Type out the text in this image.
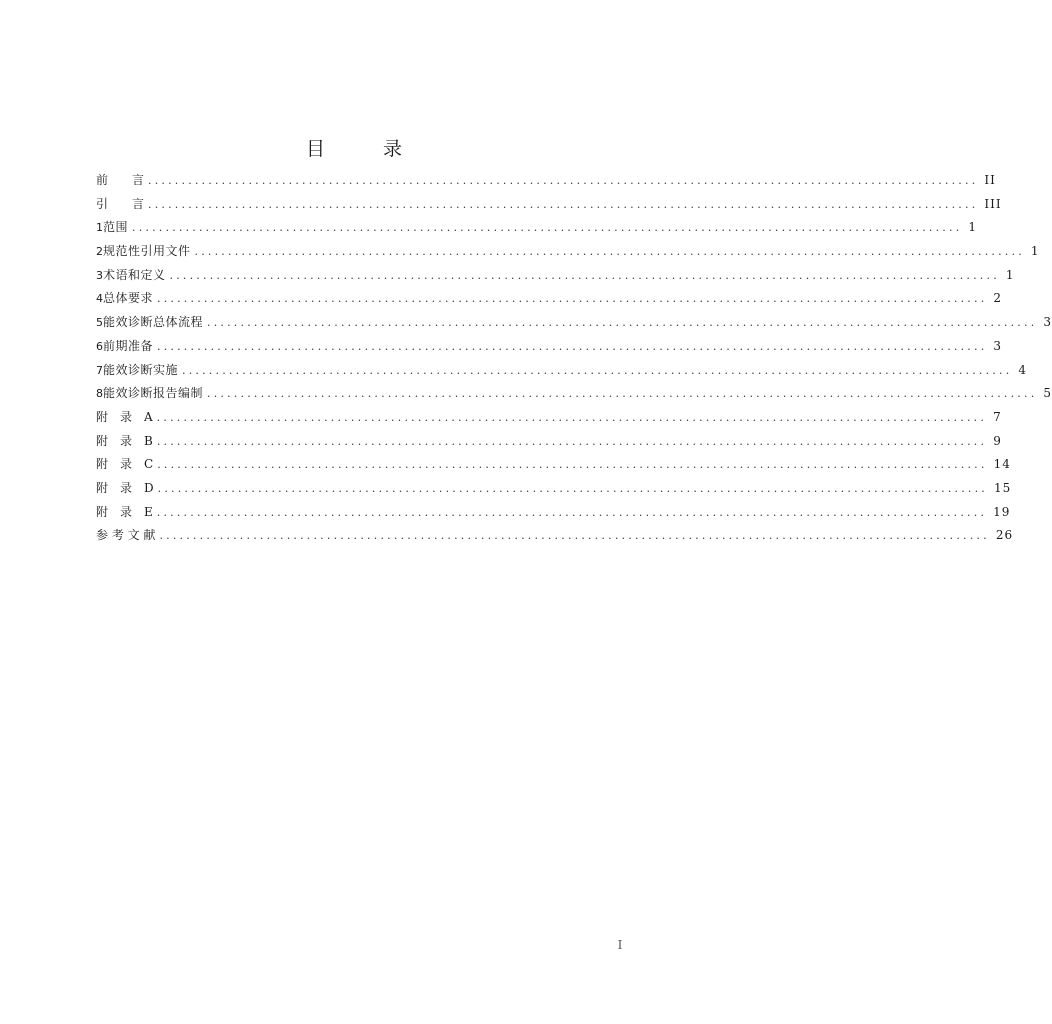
目 录
前　　言 ............................................................................................................................ II
引　　言 ............................................................................................................................ III
1 范围 ............................................................................................................................ 1
2 规范性引用文件 ............................................................................................................................ 1
3 术语和定义 ............................................................................................................................ 1
4 总体要求 ............................................................................................................................ 2
5 能效诊断总体流程 ............................................................................................................................ 3
6 前期准备 ............................................................................................................................ 3
7 能效诊断实施 ............................................................................................................................ 4
8 能效诊断报告编制 ............................................................................................................................ 5
附　录　A ............................................................................................................................ 7
附　录　B ............................................................................................................................ 9
附　录　C ............................................................................................................................ 14
附　录　D ............................................................................................................................ 15
附　录　E ............................................................................................................................ 19
参 考 文 献 ............................................................................................................................ 26
I
